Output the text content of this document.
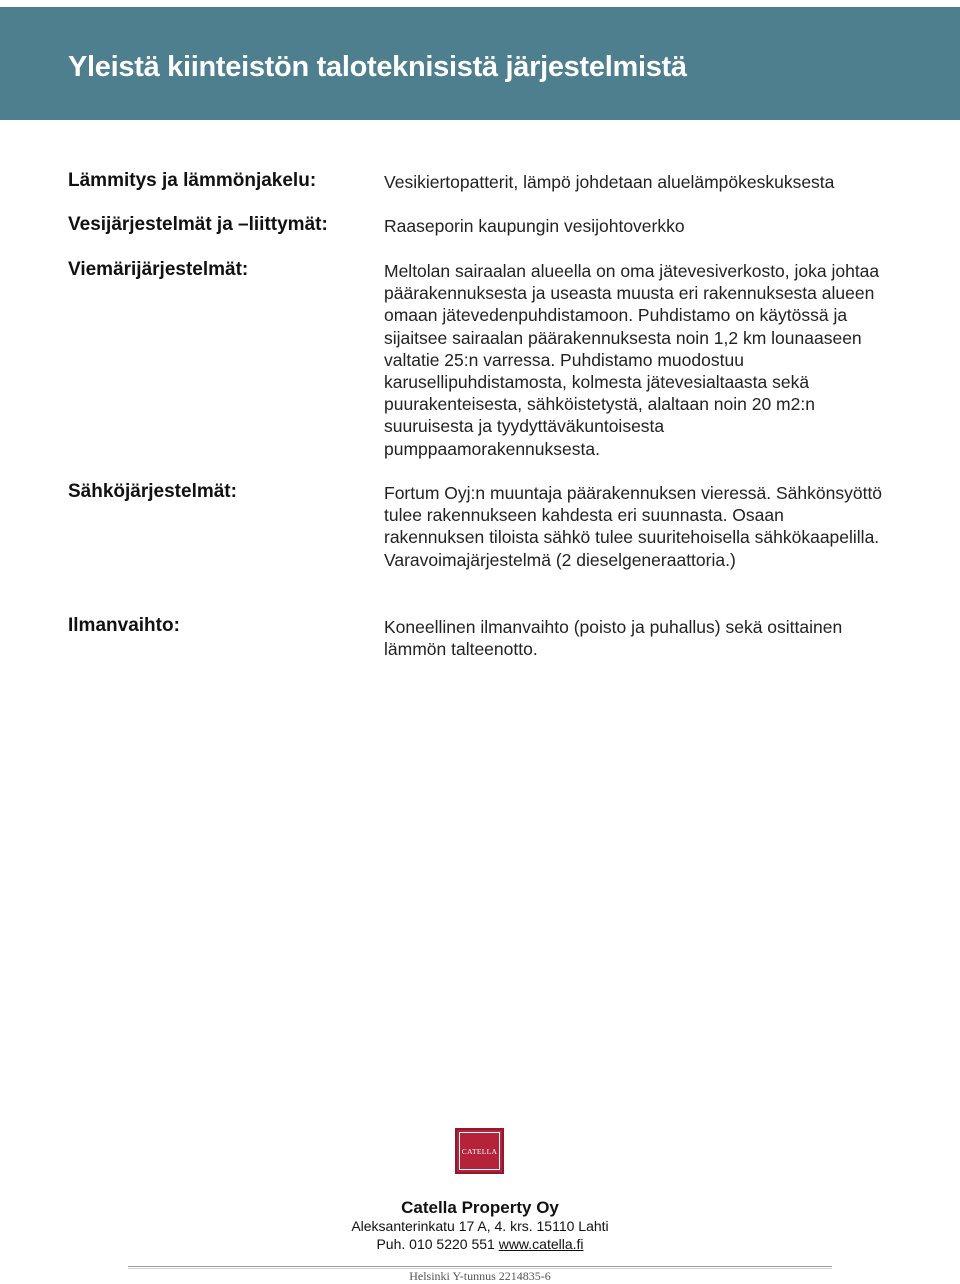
Yleistä kiinteistön taloteknisistä järjestelmistä
Lämmitys ja lämmönjakelu:	Vesikiertopatterit, lämpö johdetaan aluelämpökeskuksesta
Vesijärjestelmät ja –liittymät:	Raaseporin kaupungin vesijohtoverkko
Viemärijärjestelmät:	Meltolan sairaalan alueella on oma jätevesiverkosto, joka johtaa päärakennuksesta ja useasta muusta eri rakennuksesta alueen omaan jätevedenpuhdistamoon. Puhdistamo on käytössä ja sijaitsee sairaalan päärakennuksesta noin 1,2 km lounaaseen valtatie 25:n varressa. Puhdistamo muodostuu karusellipuhdistamosta, kolmesta jätevesialtaasta sekä puurakenteisesta, sähköistetystä, alaltaan noin 20 m2:n suuruisesta ja tyydyttäväkuntoisesta pumppaamorakennuksesta.
Sähköjärjestelmät:	Fortum Oyj:n muuntaja päärakennuksen vieressä. Sähkönsyöttö tulee rakennukseen kahdesta eri suunnasta. Osaan rakennuksen tiloista sähkö tulee suuritehoisella sähkökaapelilla. Varavoimajärjestelmä (2 dieselgeneraattoria.)
Ilmanvaihto:	Koneellinen ilmanvaihto (poisto ja puhallus) sekä osittainen lämmön talteenotto.
CATELLA
Catella Property Oy
Aleksanterinkatu 17 A, 4. krs. 15110 Lahti
Puh. 010 5220 551 www.catella.fi
Helsinki Y-tunnus 2214835-6
